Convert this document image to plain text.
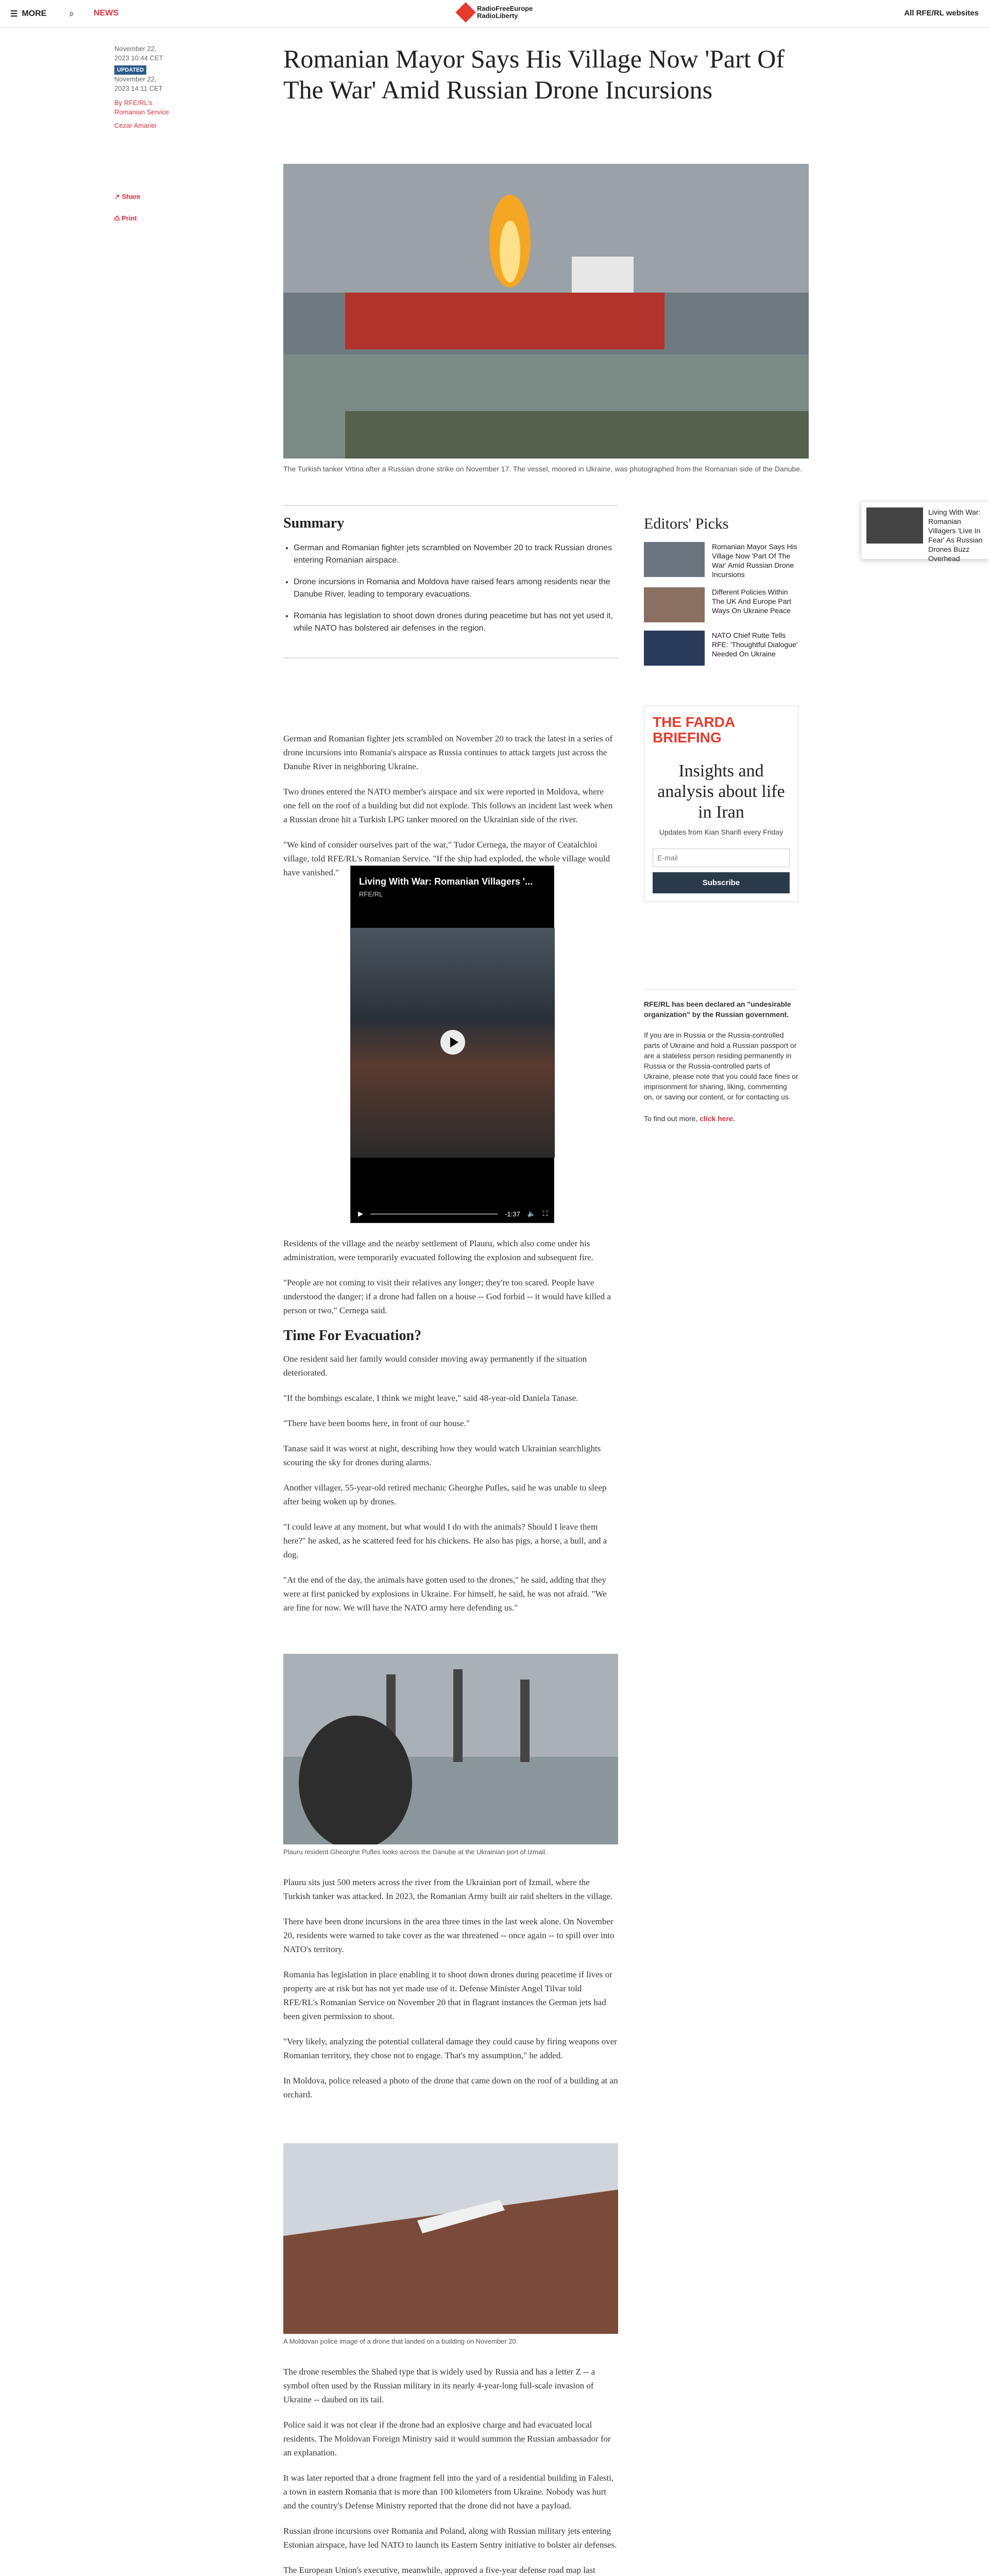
☰ MORE ⌕ NEWS
RadioFreeEurope
RadioLiberty	All RFE/RL websites
November 22, 2023 10:44 CET
UPDATEDNovember 22, 2023 14:11 CET
By RFE/RL's Romanian Service
Cezar Amariei
↗ Share
⎙ Print
Romanian Mayor Says His Village Now 'Part Of The War' Amid Russian Drone Incursions
The Turkish tanker Vrtina after a Russian drone strike on November 17. The vessel, moored in Ukraine, was photographed from the Romanian side of the Danube.
Summary
• German and Romanian fighter jets scrambled on November 20 to track Russian drones entering Romanian airspace.
• Drone incursions in Romania and Moldova have raised fears among residents near the Danube River, leading to temporary evacuations.
• Romania has legislation to shoot down drones during peacetime but has not yet used it, while NATO has bolstered air defenses in the region.

German and Romanian fighter jets scrambled on November 20 to track the latest in a series of drone incursions into Romania's airspace as Russia continues to attack targets just across the Danube River in neighboring Ukraine.

Two drones entered the NATO member's airspace and six were reported in Moldova, where one fell on the roof of a building but did not explode. This follows an incident last week when a Russian drone hit a Turkish LPG tanker moored on the Ukrainian side of the river.

"We kind of consider ourselves part of the war," Tudor Cernega, the mayor of Ceatalchioi village, told RFE/RL's Romanian Service. "If the ship had exploded, the whole village would have vanished."

Living With War: Romanian Villagers '...
RFE/RL
▶	-1:37 🔈 ⛶

Residents of the village and the nearby settlement of Plauru, which also come under his administration, were temporarily evacuated following the explosion and subsequent fire.

"People are not coming to visit their relatives any longer; they're too scared. People have understood the danger; if a drone had fallen on a house -- God forbid -- it would have killed a person or two," Cernega said.

Time For Evacuation?

One resident said her family would consider moving away permanently if the situation deteriorated.

"If the bombings escalate, I think we might leave," said 48-year-old Daniela Tanase.

"There have been booms here, in front of our house."

Tanase said it was worst at night, describing how they would watch Ukrainian searchlights scouring the sky for drones during alarms.

Another villager, 55-year-old retired mechanic Gheorghe Pufles, said he was unable to sleep after being woken up by drones.

"I could leave at any moment, but what would I do with the animals? Should I leave them here?" he asked, as he scattered feed for his chickens. He also has pigs, a horse, a bull, and a dog.

"At the end of the day, the animals have gotten used to the drones," he said, adding that they were at first panicked by explosions in Ukraine. For himself, he said, he was not afraid. "We are fine for now. We will have the NATO army here defending us."

Plauru resident Gheorghe Pufles looks across the Danube at the Ukrainian port of Izmail.

Plauru sits just 500 meters across the river from the Ukrainian port of Izmail, where the Turkish tanker was attacked. In 2023, the Romanian Army built air raid shelters in the village.

There have been drone incursions in the area three times in the last week alone. On November 20, residents were warned to take cover as the war threatened -- once again -- to spill over into NATO's territory.

Romania has legislation in place enabling it to shoot down drones during peacetime if lives or property are at risk but has not yet made use of it. Defense Minister Angel Tilvar told RFE/RL's Romanian Service on November 20 that in flagrant instances the German jets had been given permission to shoot.

"Very likely, analyzing the potential collateral damage they could cause by firing weapons over Romanian territory, they chose not to engage. That's my assumption," he added.

In Moldova, police released a photo of the drone that came down on the roof of a building at an orchard.

A Moldovan police image of a drone that landed on a building on November 20.

The drone resembles the Shahed type that is widely used by Russia and has a letter Z -- a symbol often used by the Russian military in its nearly 4-year-long full-scale invasion of Ukraine -- daubed on its tail.

Police said it was not clear if the drone had an explosive charge and had evacuated local residents. The Moldovan Foreign Ministry said it would summon the Russian ambassador for an explanation.

It was later reported that a drone fragment fell into the yard of a residential building in Falesti, a town in eastern Romania that is more than 100 kilometers from Ukraine. Nobody was hurt and the country's Defense Ministry reported that the drone did not have a payload.

Russian drone incursions over Romania and Poland, along with Russian military jets entering Estonian airspace, have led NATO to launch its Eastern Sentry initiative to bolster air defenses.

The European Union's executive, meanwhile, approved a five-year defense road map last

Editors' Picks
Romanian Mayor Says His Village Now 'Part Of The War' Amid Russian Drone Incursions
Different Policies Within The UK And Europe Part Ways On Ukraine Peace
NATO Chief Rutte Tells RFE: 'Thoughtful Dialogue' Needed On Ukraine
THE FARDA
BRIEFING
Insights and analysis about life in Iran
Updates from Kian Sharifi every Friday
E-mail
Subscribe
RFE/RL has been declared an "undesirable organization" by the Russian government.

If you are in Russia or the Russia-controlled parts of Ukraine and hold a Russian passport or are a stateless person residing permanently in Russia or the Russia-controlled parts of Ukraine, please note that you could face fines or imprisonment for sharing, liking, commenting on, or saving our content, or for contacting us.

To find out more, click here.

Living With War: Romanian Villagers 'Live In Fear' As Russian Drones Buzz Overhead
